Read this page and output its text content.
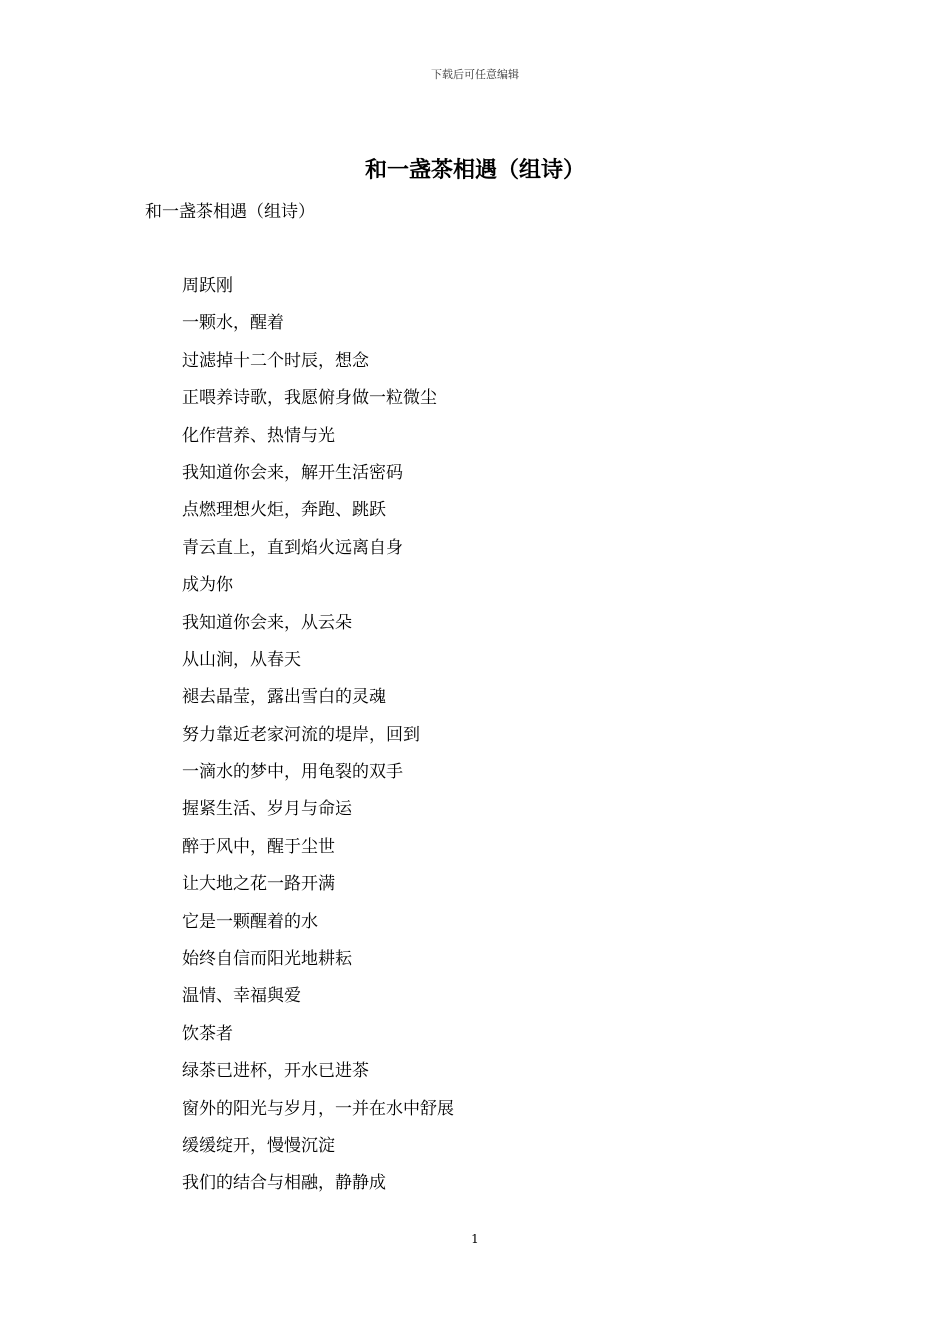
下载后可任意编辑
和一盏茶相遇（组诗）
和一盏茶相遇（组诗）
周跃刚
一颗水，醒着
过滤掉十二个时辰，想念
正喂养诗歌，我愿俯身做一粒微尘
化作营养、热情与光
我知道你会来，解开生活密码
点燃理想火炬，奔跑、跳跃
青云直上，直到焰火远离自身
成为你
我知道你会来，从云朵
从山涧，从春天
褪去晶莹，露出雪白的灵魂
努力靠近老家河流的堤岸，回到
一滴水的梦中，用龟裂的双手
握紧生活、岁月与命运
醉于风中，醒于尘世
让大地之花一路开满
它是一颗醒着的水
始终自信而阳光地耕耘
温情、幸福與爱
饮茶者
绿茶已进杯，开水已进茶
窗外的阳光与岁月，一并在水中舒展
缓缓绽开，慢慢沉淀
我们的结合与相融，静静成
1
